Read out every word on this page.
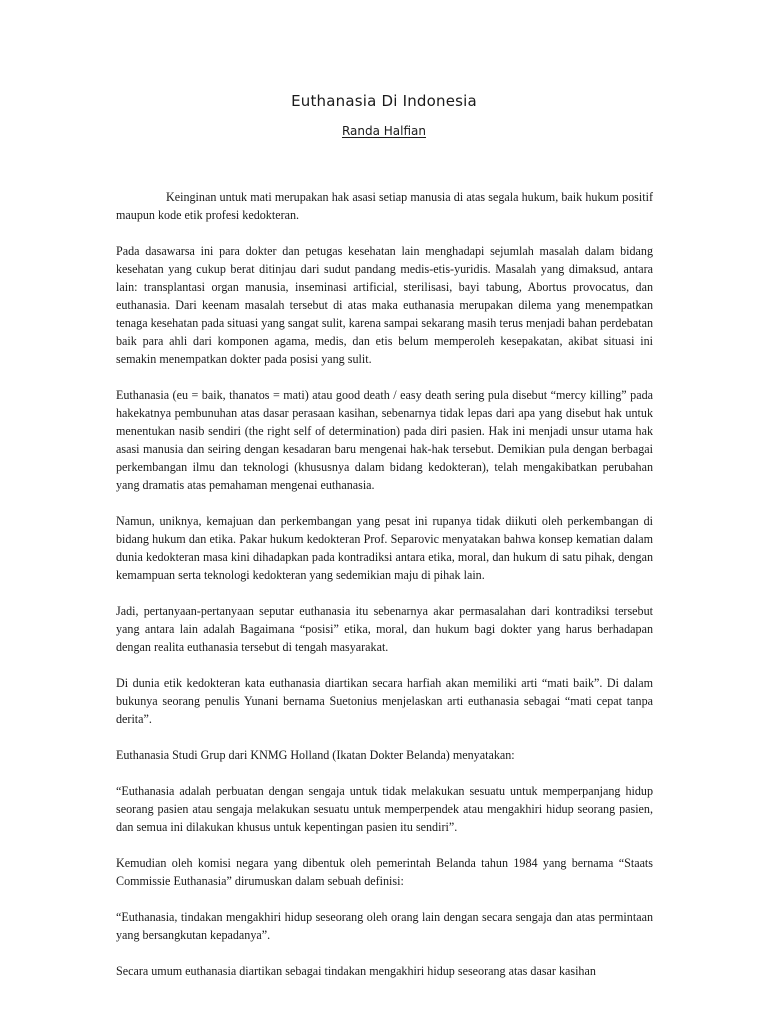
Euthanasia Di Indonesia
Randa Halfian

Keinginan untuk mati merupakan hak asasi setiap manusia di atas segala hukum, baik hukum positif maupun kode etik profesi kedokteran.

Pada dasawarsa ini para dokter dan petugas kesehatan lain menghadapi sejumlah masalah dalam bidang kesehatan yang cukup berat ditinjau dari sudut pandang medis-etis-yuridis. Masalah yang dimaksud, antara lain: transplantasi organ manusia, inseminasi artificial, sterilisasi, bayi tabung, Abortus provocatus, dan euthanasia. Dari keenam masalah tersebut di atas maka euthanasia merupakan dilema yang menempatkan tenaga kesehatan pada situasi yang sangat sulit, karena sampai sekarang masih terus menjadi bahan perdebatan baik para ahli dari komponen agama, medis, dan etis belum memperoleh kesepakatan, akibat situasi ini semakin menempatkan dokter pada posisi yang sulit.

Euthanasia (eu = baik, thanatos = mati) atau good death / easy death sering pula disebut “mercy killing” pada hakekatnya pembunuhan atas dasar perasaan kasihan, sebenarnya tidak lepas dari apa yang disebut hak untuk menentukan nasib sendiri (the right self of determination) pada diri pasien. Hak ini menjadi unsur utama hak asasi manusia dan seiring dengan kesadaran baru mengenai hak-hak tersebut. Demikian pula dengan berbagai perkembangan ilmu dan teknologi (khususnya dalam bidang kedokteran), telah mengakibatkan perubahan yang dramatis atas pemahaman mengenai euthanasia.

Namun, uniknya, kemajuan dan perkembangan yang pesat ini rupanya tidak diikuti oleh perkembangan di bidang hukum dan etika. Pakar hukum kedokteran Prof. Separovic menyatakan bahwa konsep kematian dalam dunia kedokteran masa kini dihadapkan pada kontradiksi antara etika, moral, dan hukum di satu pihak, dengan kemampuan serta teknologi kedokteran yang sedemikian maju di pihak lain.

Jadi, pertanyaan-pertanyaan seputar euthanasia itu sebenarnya akar permasalahan dari kontradiksi tersebut yang antara lain adalah Bagaimana “posisi” etika, moral, dan hukum bagi dokter yang harus berhadapan dengan realita euthanasia tersebut di tengah masyarakat.

Di dunia etik kedokteran kata euthanasia diartikan secara harfiah akan memiliki arti “mati baik”. Di dalam bukunya seorang penulis Yunani bernama Suetonius menjelaskan arti euthanasia sebagai “mati cepat tanpa derita”.

Euthanasia Studi Grup dari KNMG Holland (Ikatan Dokter Belanda) menyatakan:

“Euthanasia adalah perbuatan dengan sengaja untuk tidak melakukan sesuatu untuk memperpanjang hidup seorang pasien atau sengaja melakukan sesuatu untuk memperpendek atau mengakhiri hidup seorang pasien, dan semua ini dilakukan khusus untuk kepentingan pasien itu sendiri”.

Kemudian oleh komisi negara yang dibentuk oleh pemerintah Belanda tahun 1984 yang bernama “Staats Commissie Euthanasia” dirumuskan dalam sebuah definisi:

“Euthanasia, tindakan mengakhiri hidup seseorang oleh orang lain dengan secara sengaja dan atas permintaan yang bersangkutan kepadanya”.

Secara umum euthanasia diartikan sebagai tindakan mengakhiri hidup seseorang atas dasar kasihan
